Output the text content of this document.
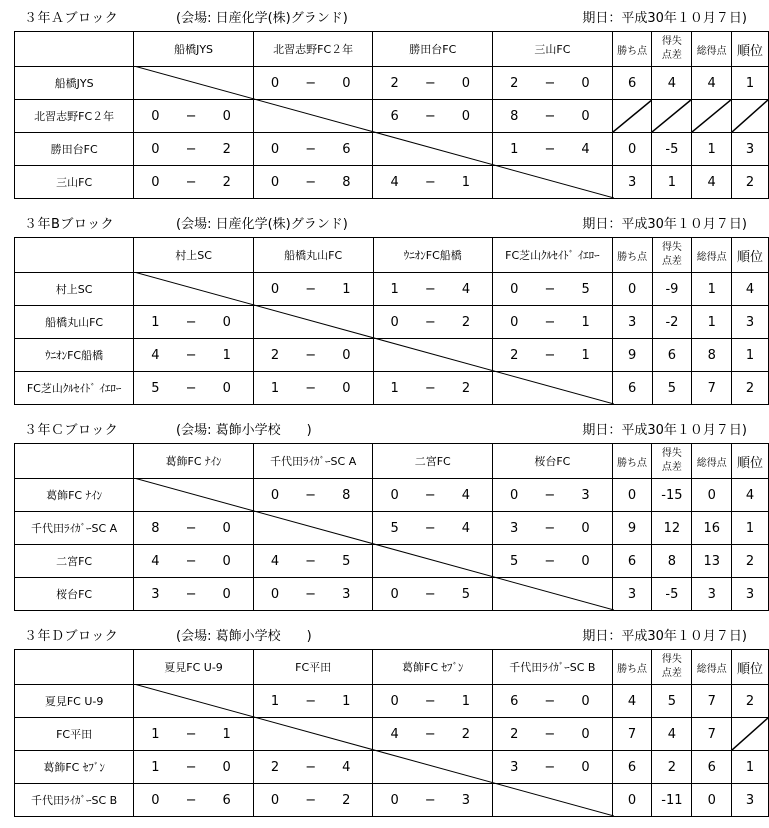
３年Ａブロック	(会場: 日産化学(株)グランド)	期日：平成30年１０月７日)
	船橋JYS	北習志野FC２年	勝田台FC	三山FC	勝ち点	得失
点差	総得点	順位
船橋JYS		0 − 0	2 − 0	2 − 0	6	4	4	1
北習志野FC２年	0 − 0		6 − 0	8 − 0

勝田台FC	0 − 2	0 − 6		1 − 4	0	-5	1	3
三山FC	0 − 2	0 − 8	4 − 1		3	1	4	2
３年Bブロック	(会場: 日産化学(株)グランド)	期日：平成30年１０月７日)
	村上SC	船橋丸山FC	ｳﾆｵﾝFC船橋	FC芝山ｸﾙｾｲﾄﾞ ｲｴﾛｰ	勝ち点	得失
点差	総得点	順位
村上SC		0 − 1	1 − 4	0 − 5	0	-9	1	4
船橋丸山FC	1 − 0		0 − 2	0 − 1	3	-2	1	3
ｳﾆｵﾝFC船橋	4 − 1	2 − 0		2 − 1	9	6	8	1
FC芝山ｸﾙｾｲﾄﾞ ｲｴﾛｰ	5 − 0	1 − 0	1 − 2		6	5	7	2
３年Ｃブロック	(会場: 葛飾小学校　　)	期日：平成30年１０月７日)
	葛飾FC ﾅｲﾝ	千代田ﾗｲｶﾞｰSC A	二宮FC	桜台FC	勝ち点	得失
点差	総得点	順位
葛飾FC ﾅｲﾝ		0 − 8	0 − 4	0 − 3	0	-15	0	4
千代田ﾗｲｶﾞｰSC A	8 − 0		5 − 4	3 − 0	9	12	16	1
二宮FC	4 − 0	4 − 5		5 − 0	6	8	13	2
桜台FC	3 − 0	0 − 3	0 − 5		3	-5	3	3
３年Ｄブロック	(会場: 葛飾小学校　　)	期日：平成30年１０月７日)
	夏見FC U-9	FC平田	葛飾FC ｾﾌﾞﾝ	千代田ﾗｲｶﾞｰSC B	勝ち点	得失
点差	総得点	順位
夏見FC U-9		1 − 1	0 − 1	6 − 0	4	5	7	2
FC平田	1 − 1		4 − 2	2 − 0	7	4	7	

葛飾FC ｾﾌﾞﾝ	1 − 0	2 − 4		3 − 0	6	2	6	1
千代田ﾗｲｶﾞｰSC B	0 − 6	0 − 2	0 − 3		0	-11	0	3
